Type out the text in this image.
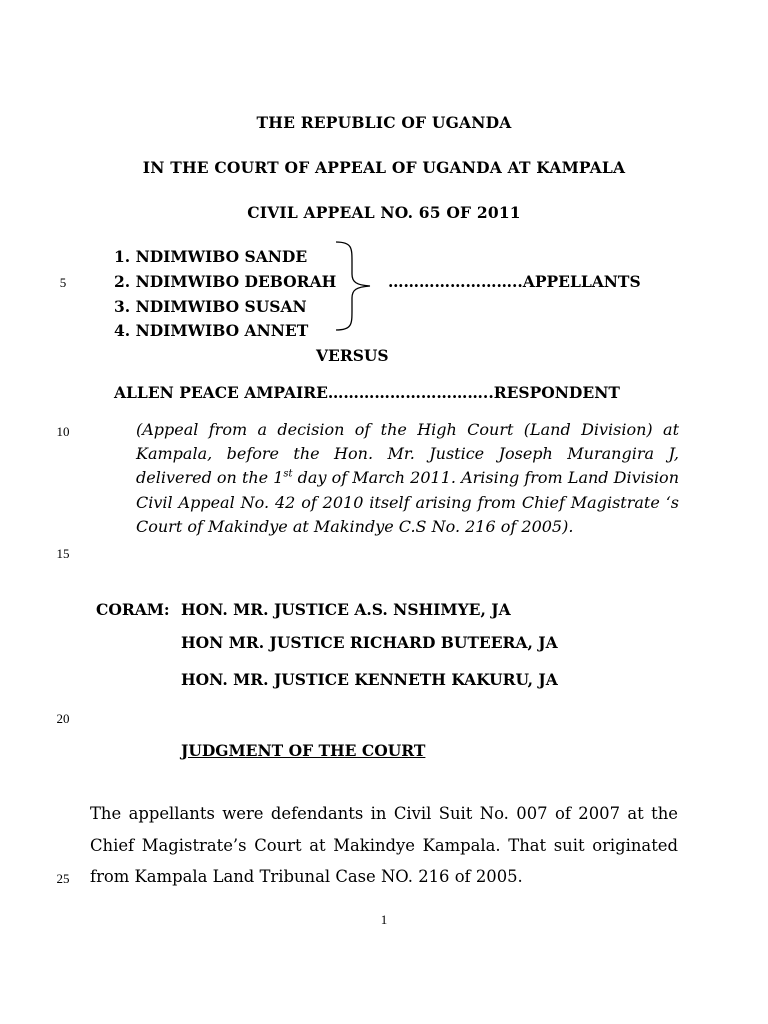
THE REPUBLIC OF UGANDA
IN THE COURT OF APPEAL OF UGANDA AT KAMPALA
CIVIL APPEAL NO. 65 OF 2011
1. NDIMWIBO SANDE
2. NDIMWIBO DEBORAH
3. NDIMWIBO SUSAN
4. NDIMWIBO ANNET
……………………..APPELLANTS
VERSUS
ALLEN PEACE AMPAIRE…………………………..RESPONDENT
5
10
15
20
25

(Appeal from a decision of the High Court (Land Division) at Kampala, before the Hon. Mr. Justice Joseph Murangira J, delivered on the 1st day of March 2011. Arising from Land Division Civil Appeal No. 42 of 2010 itself arising from Chief Magistrate ‘s Court of Makindye at Makindye C.S No. 216 of 2005).

CORAM: HON. MR. JUSTICE A.S. NSHIMYE, JA
HON MR. JUSTICE RICHARD BUTEERA, JA
HON. MR. JUSTICE KENNETH KAKURU, JA
JUDGMENT OF THE COURT

The appellants were defendants in Civil Suit No. 007 of 2007 at the Chief Magistrate’s Court at Makindye Kampala. That suit originated from Kampala Land Tribunal Case NO. 216 of 2005.

1
